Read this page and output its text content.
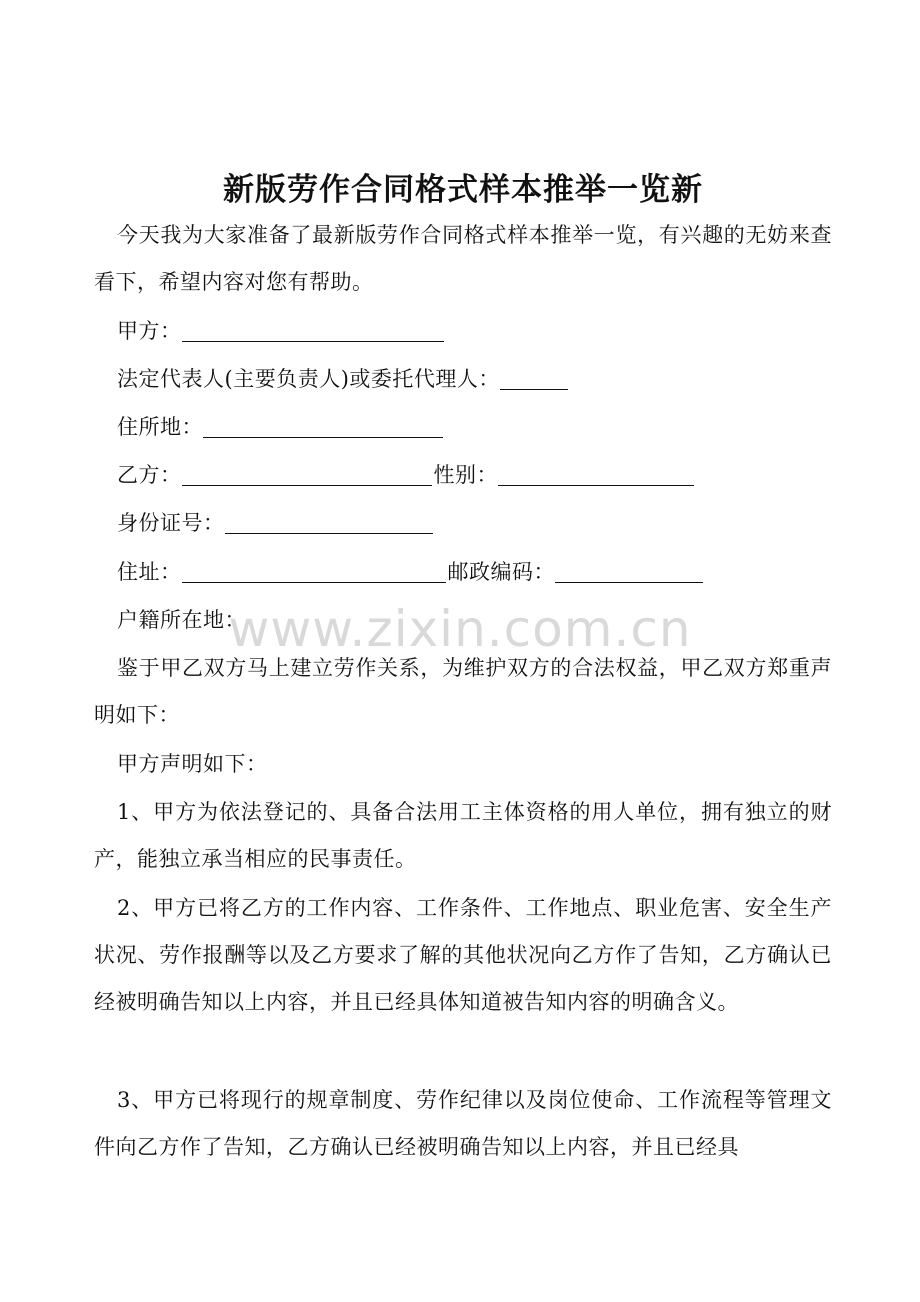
www.zixin.com.cn
新版劳作合同格式样本推举一览新

今天我为大家准备了最新版劳作合同格式样本推举一览，有兴趣的无妨来查看下，希望内容对您有帮助。

甲方：

法定代表人(主要负责人)或委托代理人：

住所地：

乙方：	性别：

身份证号：

住址：	邮政编码：

户籍所在地：

鉴于甲乙双方马上建立劳作关系，为维护双方的合法权益，甲乙双方郑重声明如下：

甲方声明如下：

1、甲方为依法登记的、具备合法用工主体资格的用人单位，拥有独立的财产，能独立承当相应的民事责任。

2、甲方已将乙方的工作内容、工作条件、工作地点、职业危害、安全生产状况、劳作报酬等以及乙方要求了解的其他状况向乙方作了告知，乙方确认已经被明确告知以上内容，并且已经具体知道被告知内容的明确含义。

3、甲方已将现行的规章制度、劳作纪律以及岗位使命、工作流程等管理文件向乙方作了告知，乙方确认已经被明确告知以上内容，并且已经具
